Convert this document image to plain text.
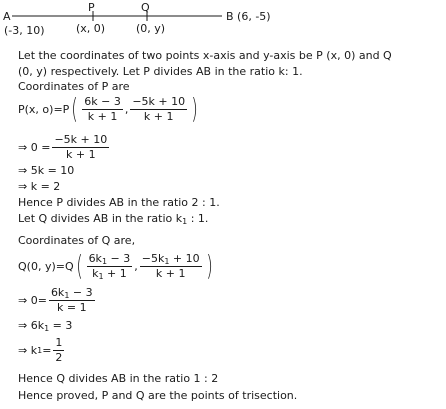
A
P	Q
B (6, -5)
(-3, 10)	(x, 0)	(0, y)
Let the coordinates of two points x-axis and y-axis be P (x, 0) and Q
(0, y) respectively. Let P divides AB in the ratio k: 1.
Coordinates of P are
P(x, o)=P ( $\frac{6k - 3}{k + 1}$ , $\frac{-5k + 10}{k + 1}$ )
⇒ $0 = \frac{-5k + 10}{k + 1}$
⇒ 5k = 10
⇒ k = 2
Hence P divides AB in the ratio 2 : 1.
Let Q divides AB in the ratio $k_1$ : 1.
Coordinates of Q are,
Q(0, y)=Q ( $\frac{6k_1 - 3}{k_1 + 1}$ , $\frac{-5k_1 + 10}{k + 1}$ )
⇒ $0= \frac{6k_1 - 3}{k = 1}$
⇒ $6k_1 = 3$
⇒ k $1 = \frac{1}{2}$
Hence Q divides AB in the ratio 1 : 2
Hence proved, P and Q are the points of trisection.
